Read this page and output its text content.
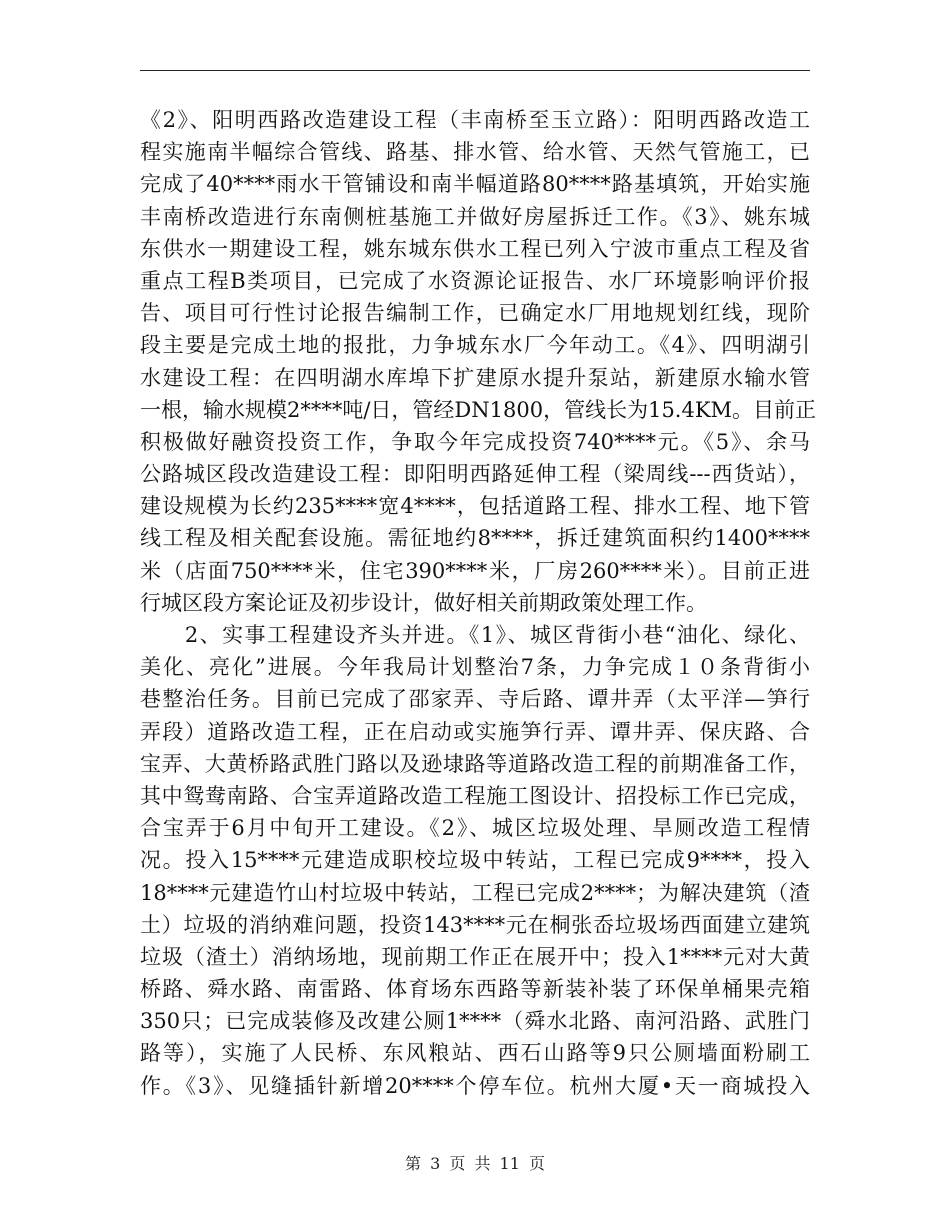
《2》、阳明西路改造建设工程（丰南桥至玉立路）：阳明西路改造工
程实施南半幅综合管线、路基、排水管、给水管、天然气管施工，已
完成了40****雨水干管铺设和南半幅道路80****路基填筑，开始实施
丰南桥改造进行东南侧桩基施工并做好房屋拆迁工作。《3》、姚东城
东供水一期建设工程，姚东城东供水工程已列入宁波市重点工程及省
重点工程B类项目，已完成了水资源论证报告、水厂环境影响评价报
告、项目可行性讨论报告编制工作，已确定水厂用地规划红线，现阶
段主要是完成土地的报批，力争城东水厂今年动工。《4》、四明湖引
水建设工程：在四明湖水库埠下扩建原水提升泵站，新建原水输水管
一根，输水规模2****吨/日，管经DN1800，管线长为15.4KM。目前正
积极做好融资投资工作，争取今年完成投资740****元。《5》、余马
公路城区段改造建设工程：即阳明西路延伸工程（梁周线---西货站），
建设规模为长约235****宽4****，包括道路工程、排水工程、地下管
线工程及相关配套设施。需征地约8****，拆迁建筑面积约1400****
米（店面750****米，住宅390****米，厂房260****米）。目前正进
行城区段方案论证及初步设计，做好相关前期政策处理工作。
　　2、实事工程建设齐头并进。《1》、城区背街小巷“油化、绿化、
美化、亮化”进展。今年我局计划整治7条，力争完成１０条背街小
巷整治任务。目前已完成了邵家弄、寺后路、谭井弄（太平洋—笋行
弄段）道路改造工程，正在启动或实施笋行弄、谭井弄、保庆路、合
宝弄、大黄桥路武胜门路以及逊埭路等道路改造工程的前期准备工作，
其中鸳鸯南路、合宝弄道路改造工程施工图设计、招投标工作已完成，
合宝弄于6月中旬开工建设。《2》、城区垃圾处理、旱厕改造工程情
况。投入15****元建造成职校垃圾中转站，工程已完成9****，投入
18****元建造竹山村垃圾中转站，工程已完成2****；为解决建筑（渣
土）垃圾的消纳难问题，投资143****元在桐张岙垃圾场西面建立建筑
垃圾（渣土）消纳场地，现前期工作正在展开中；投入1****元对大黄
桥路、舜水路、南雷路、体育场东西路等新装补装了环保单桶果壳箱
350只；已完成装修及改建公厕1****（舜水北路、南河沿路、武胜门
路等），实施了人民桥、东风粮站、西石山路等9只公厕墙面粉刷工
作。《3》、见缝插针新增20****个停车位。杭州大厦•天一商城投入
第 3 页 共 11 页
